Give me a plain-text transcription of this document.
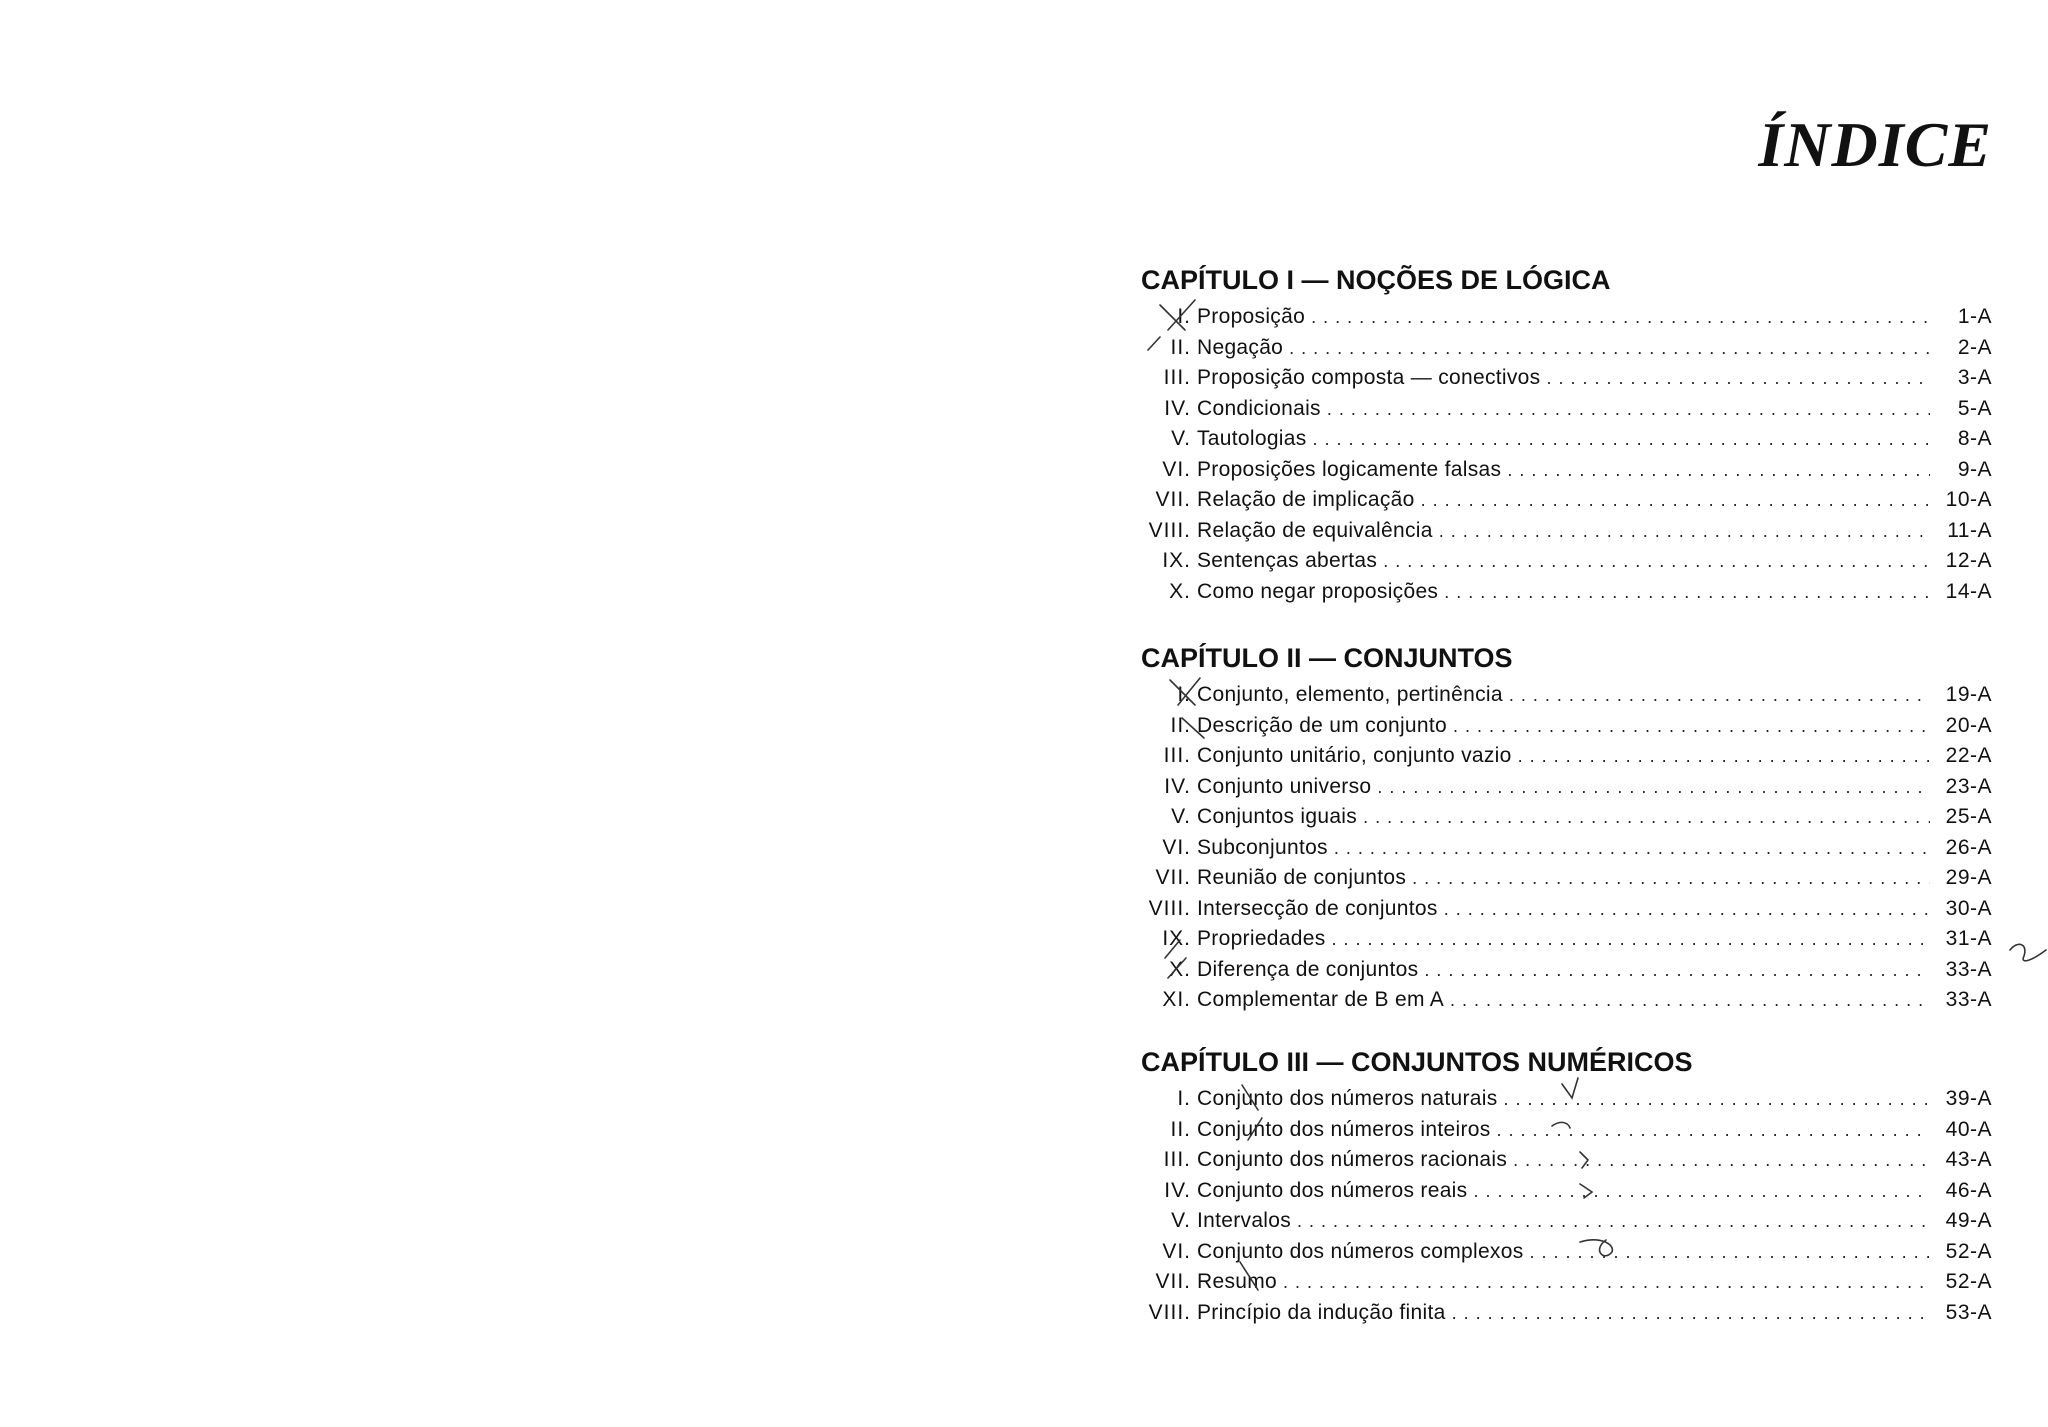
ÍNDICE
CAPÍTULO I — NOÇÕES DE LÓGICA
I. Proposição . . .	1-A
II. Negação . . .	2-A
III. Proposição composta — conectivos . . .	3-A
IV. Condicionais . . .	5-A
V. Tautologias . . .	8-A
VI. Proposições logicamente falsas . . .	9-A
VII. Relação de implicação . . .	10-A
VIII. Relação de equivalência . . .	11-A
IX. Sentenças abertas . . .	12-A
X. Como negar proposições . . .	14-A
CAPÍTULO II — CONJUNTOS
I. Conjunto, elemento, pertinência . . .	19-A
II. Descrição de um conjunto . . .	20-A
III. Conjunto unitário, conjunto vazio . . .	22-A
IV. Conjunto universo . . .	23-A
V. Conjuntos iguais . . .	25-A
VI. Subconjuntos . . .	26-A
VII. Reunião de conjuntos . . .	29-A
VIII. Intersecção de conjuntos . . .	30-A
IX. Propriedades . . .	31-A
X. Diferença de conjuntos . . .	33-A
XI. Complementar de B em A . . .	33-A
CAPÍTULO III — CONJUNTOS NUMÉRICOS
I. Conjunto dos números naturais . . .	39-A
II. Conjunto dos números inteiros . . .	40-A
III. Conjunto dos números racionais . . .	43-A
IV. Conjunto dos números reais . . .	46-A
V. Intervalos . . .	49-A
VI. Conjunto dos números complexos . . .	52-A
VII. Resumo . . .	52-A
VIII. Princípio da indução finita . . .	53-A
